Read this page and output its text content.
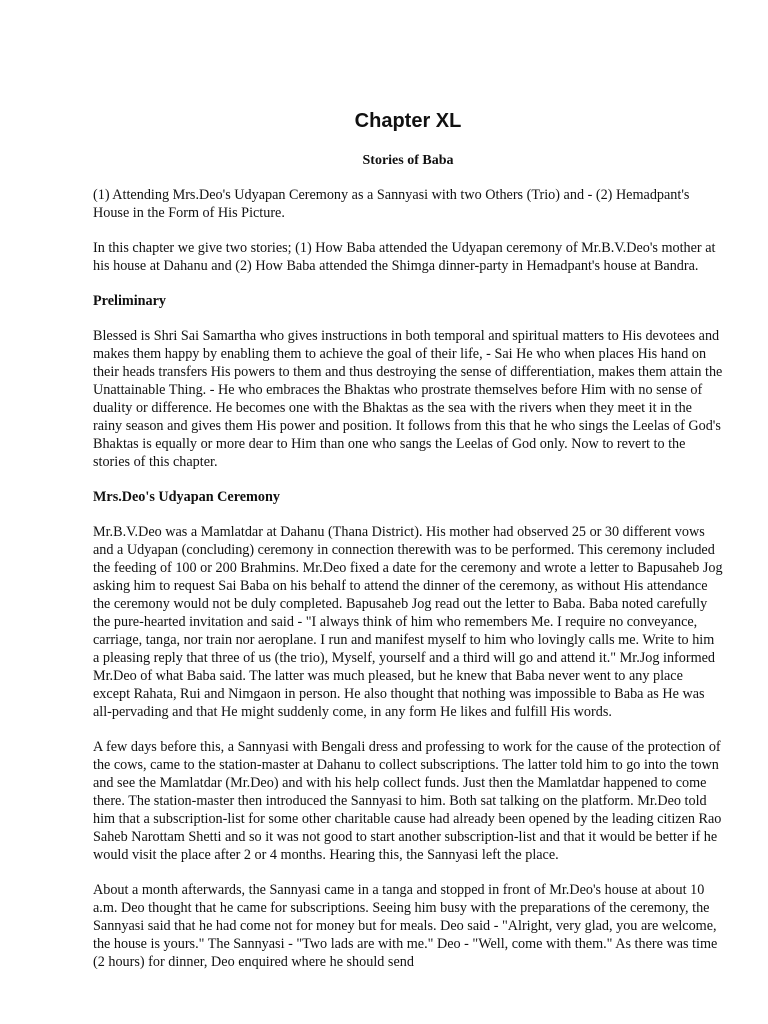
Chapter XL
Stories of Baba

(1) Attending Mrs.Deo's Udyapan Ceremony as a Sannyasi with two Others (Trio) and - (2) Hemadpant's House in the Form of His Picture.

In this chapter we give two stories; (1) How Baba attended the Udyapan ceremony of Mr.B.V.Deo's mother at his house at Dahanu and (2) How Baba attended the Shimga dinner-party in Hemadpant's house at Bandra.

Preliminary

Blessed is Shri Sai Samartha who gives instructions in both temporal and spiritual matters to His devotees and makes them happy by enabling them to achieve the goal of their life, - Sai He who when places His hand on their heads transfers His powers to them and thus destroying the sense of differentiation, makes them attain the Unattainable Thing. - He who embraces the Bhaktas who prostrate themselves before Him with no sense of duality or difference. He becomes one with the Bhaktas as the sea with the rivers when they meet it in the rainy season and gives them His power and position. It follows from this that he who sings the Leelas of God's Bhaktas is equally or more dear to Him than one who sangs the Leelas of God only. Now to revert to the stories of this chapter.

Mrs.Deo's Udyapan Ceremony

Mr.B.V.Deo was a Mamlatdar at Dahanu (Thana District). His mother had observed 25 or 30 different vows and a Udyapan (concluding) ceremony in connection therewith was to be performed. This ceremony included the feeding of 100 or 200 Brahmins. Mr.Deo fixed a date for the ceremony and wrote a letter to Bapusaheb Jog asking him to request Sai Baba on his behalf to attend the dinner of the ceremony, as without His attendance the ceremony would not be duly completed. Bapusaheb Jog read out the letter to Baba. Baba noted carefully the pure-hearted invitation and said - "I always think of him who remembers Me. I require no conveyance, carriage, tanga, nor train nor aeroplane. I run and manifest myself to him who lovingly calls me. Write to him a pleasing reply that three of us (the trio), Myself, yourself and a third will go and attend it." Mr.Jog informed Mr.Deo of what Baba said. The latter was much pleased, but he knew that Baba never went to any place except Rahata, Rui and Nimgaon in person. He also thought that nothing was impossible to Baba as He was all-pervading and that He might suddenly come, in any form He likes and fulfill His words.

A few days before this, a Sannyasi with Bengali dress and professing to work for the cause of the protection of the cows, came to the station-master at Dahanu to collect subscriptions. The latter told him to go into the town and see the Mamlatdar (Mr.Deo) and with his help collect funds. Just then the Mamlatdar happened to come there. The station-master then introduced the Sannyasi to him. Both sat talking on the platform. Mr.Deo told him that a subscription-list for some other charitable cause had already been opened by the leading citizen Rao Saheb Narottam Shetti and so it was not good to start another subscription-list and that it would be better if he would visit the place after 2 or 4 months. Hearing this, the Sannyasi left the place.

About a month afterwards, the Sannyasi came in a tanga and stopped in front of Mr.Deo's house at about 10 a.m. Deo thought that he came for subscriptions. Seeing him busy with the preparations of the ceremony, the Sannyasi said that he had come not for money but for meals. Deo said - "Alright, very glad, you are welcome, the house is yours." The Sannyasi - "Two lads are with me." Deo - "Well, come with them." As there was time (2 hours) for dinner, Deo enquired where he should send
